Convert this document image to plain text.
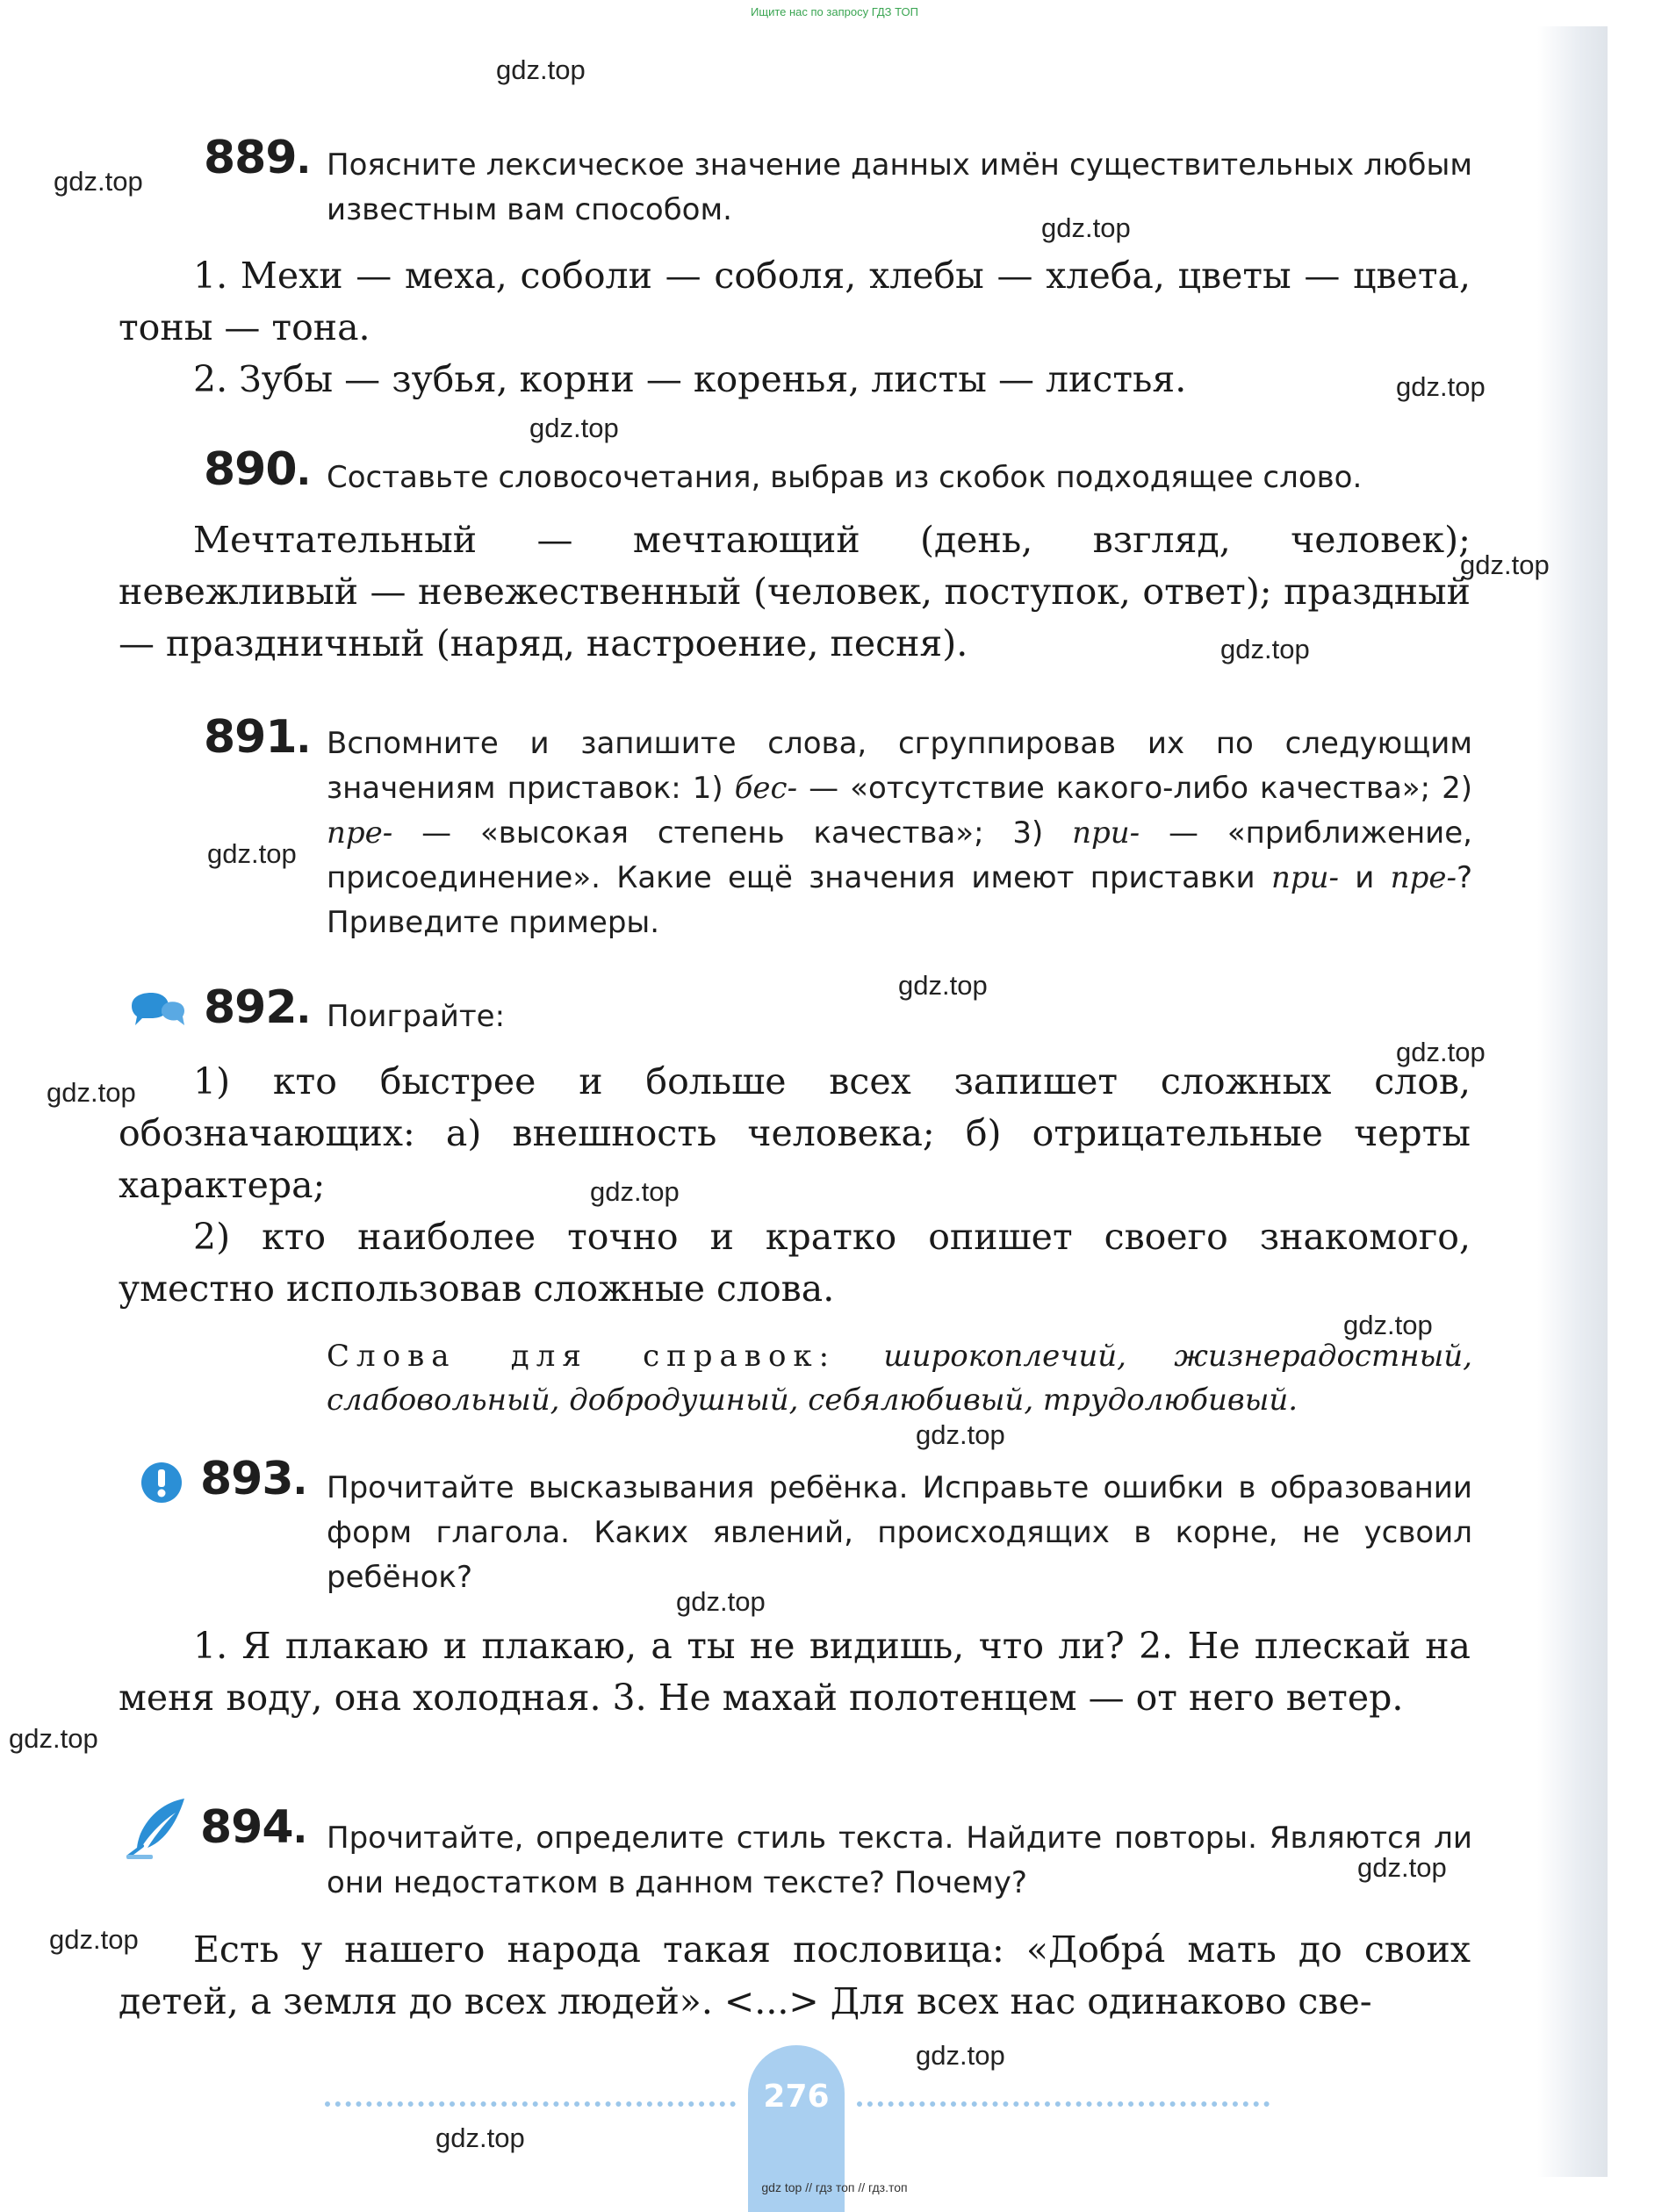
Ищите нас по запросу ГДЗ ТОП
gdz.top
gdz.top
gdz.top
gdz.top
gdz.top
gdz.top
gdz.top
gdz.top
gdz.top
gdz.top
gdz.top
gdz.top
gdz.top
gdz.top
gdz.top
gdz.top
gdz.top
gdz.top
gdz.top
gdz.top
889. Поясните лексическое значение данных имён существительных любым известным вам способом.

1. Мехи — меха, соболи — соболя, хлебы — хлеба, цветы — цвета, тоны — тона.

2. Зубы — зубья, корни — коренья, листы — листья.

890. Составьте словосочетания, выбрав из скобок подходящее слово.

Мечтательный — мечтающий (день, взгляд, человек); невежливый — невежественный (человек, поступок, ответ); праздный — праздничный (наряд, настроение, песня).

891. Вспомните и запишите слова, сгруппировав их по следующим значениям приставок: 1) бес- — «отсутствие какого-либо качества»; 2) пре- — «высокая степень качества»; 3) при- — «приближение, присоединение». Какие ещё значения имеют приставки при- и пре-? Приведите примеры.
892. Поиграйте:

1) кто быстрее и больше всех запишет сложных слов, обозначающих: а) внешность человека; б) отрицательные черты характера;

2) кто наиболее точно и кратко опишет своего знакомого, уместно использовав сложные слова.

Слова для справок: широкоплечий, жизнерадостный, слабовольный, добродушный, себялюбивый, трудолюбивый.
893. Прочитайте высказывания ребёнка. Исправьте ошибки в образовании форм глагола. Каких явлений, происходящих в корне, не усвоил ребёнок?

1. Я плакаю и плакаю, а ты не видишь, что ли? 2. Не плескай на меня воду, она холодная. 3. Не махай полотенцем — от него ветер.

894. Прочитайте, определите стиль текста. Найдите повторы. Являются ли они недостатком в данном тексте? Почему?

Есть у нашего народа такая пословица: «Добрá мать до своих детей, а земля до всех людей». <...> Для всех нас одинаково све-

276
gdz top // гдз топ // гдз.топ
